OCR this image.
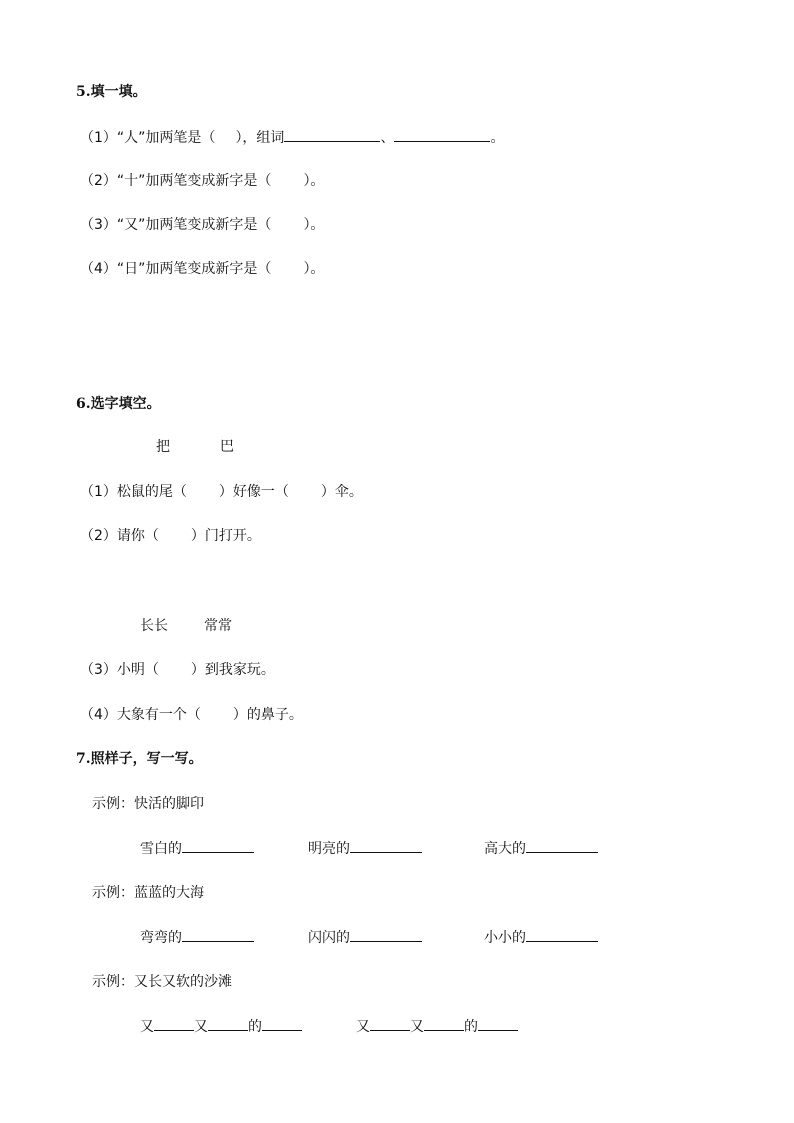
5.填一填。
（1）“人”加两笔是（ ），组词	、	。
（2）“十”加两笔变成新字是（ ）。
（3）“又”加两笔变成新字是（ ）。
（4）“日”加两笔变成新字是（ ）。
6.选字填空。
把	巴
（1）松鼠的尾（ ）好像一（ ）伞。
（2）请你（ ）门打开。
长长	常常
（3）小明（ ）到我家玩。
（4）大象有一个（ ）的鼻子。
7.照样子，写一写。
示例：快活的脚印
雪白的	明亮的	高大的
示例：蓝蓝的大海
弯弯的	闪闪的	小小的
示例：又长又软的沙滩
又	又	的	又	又	的
